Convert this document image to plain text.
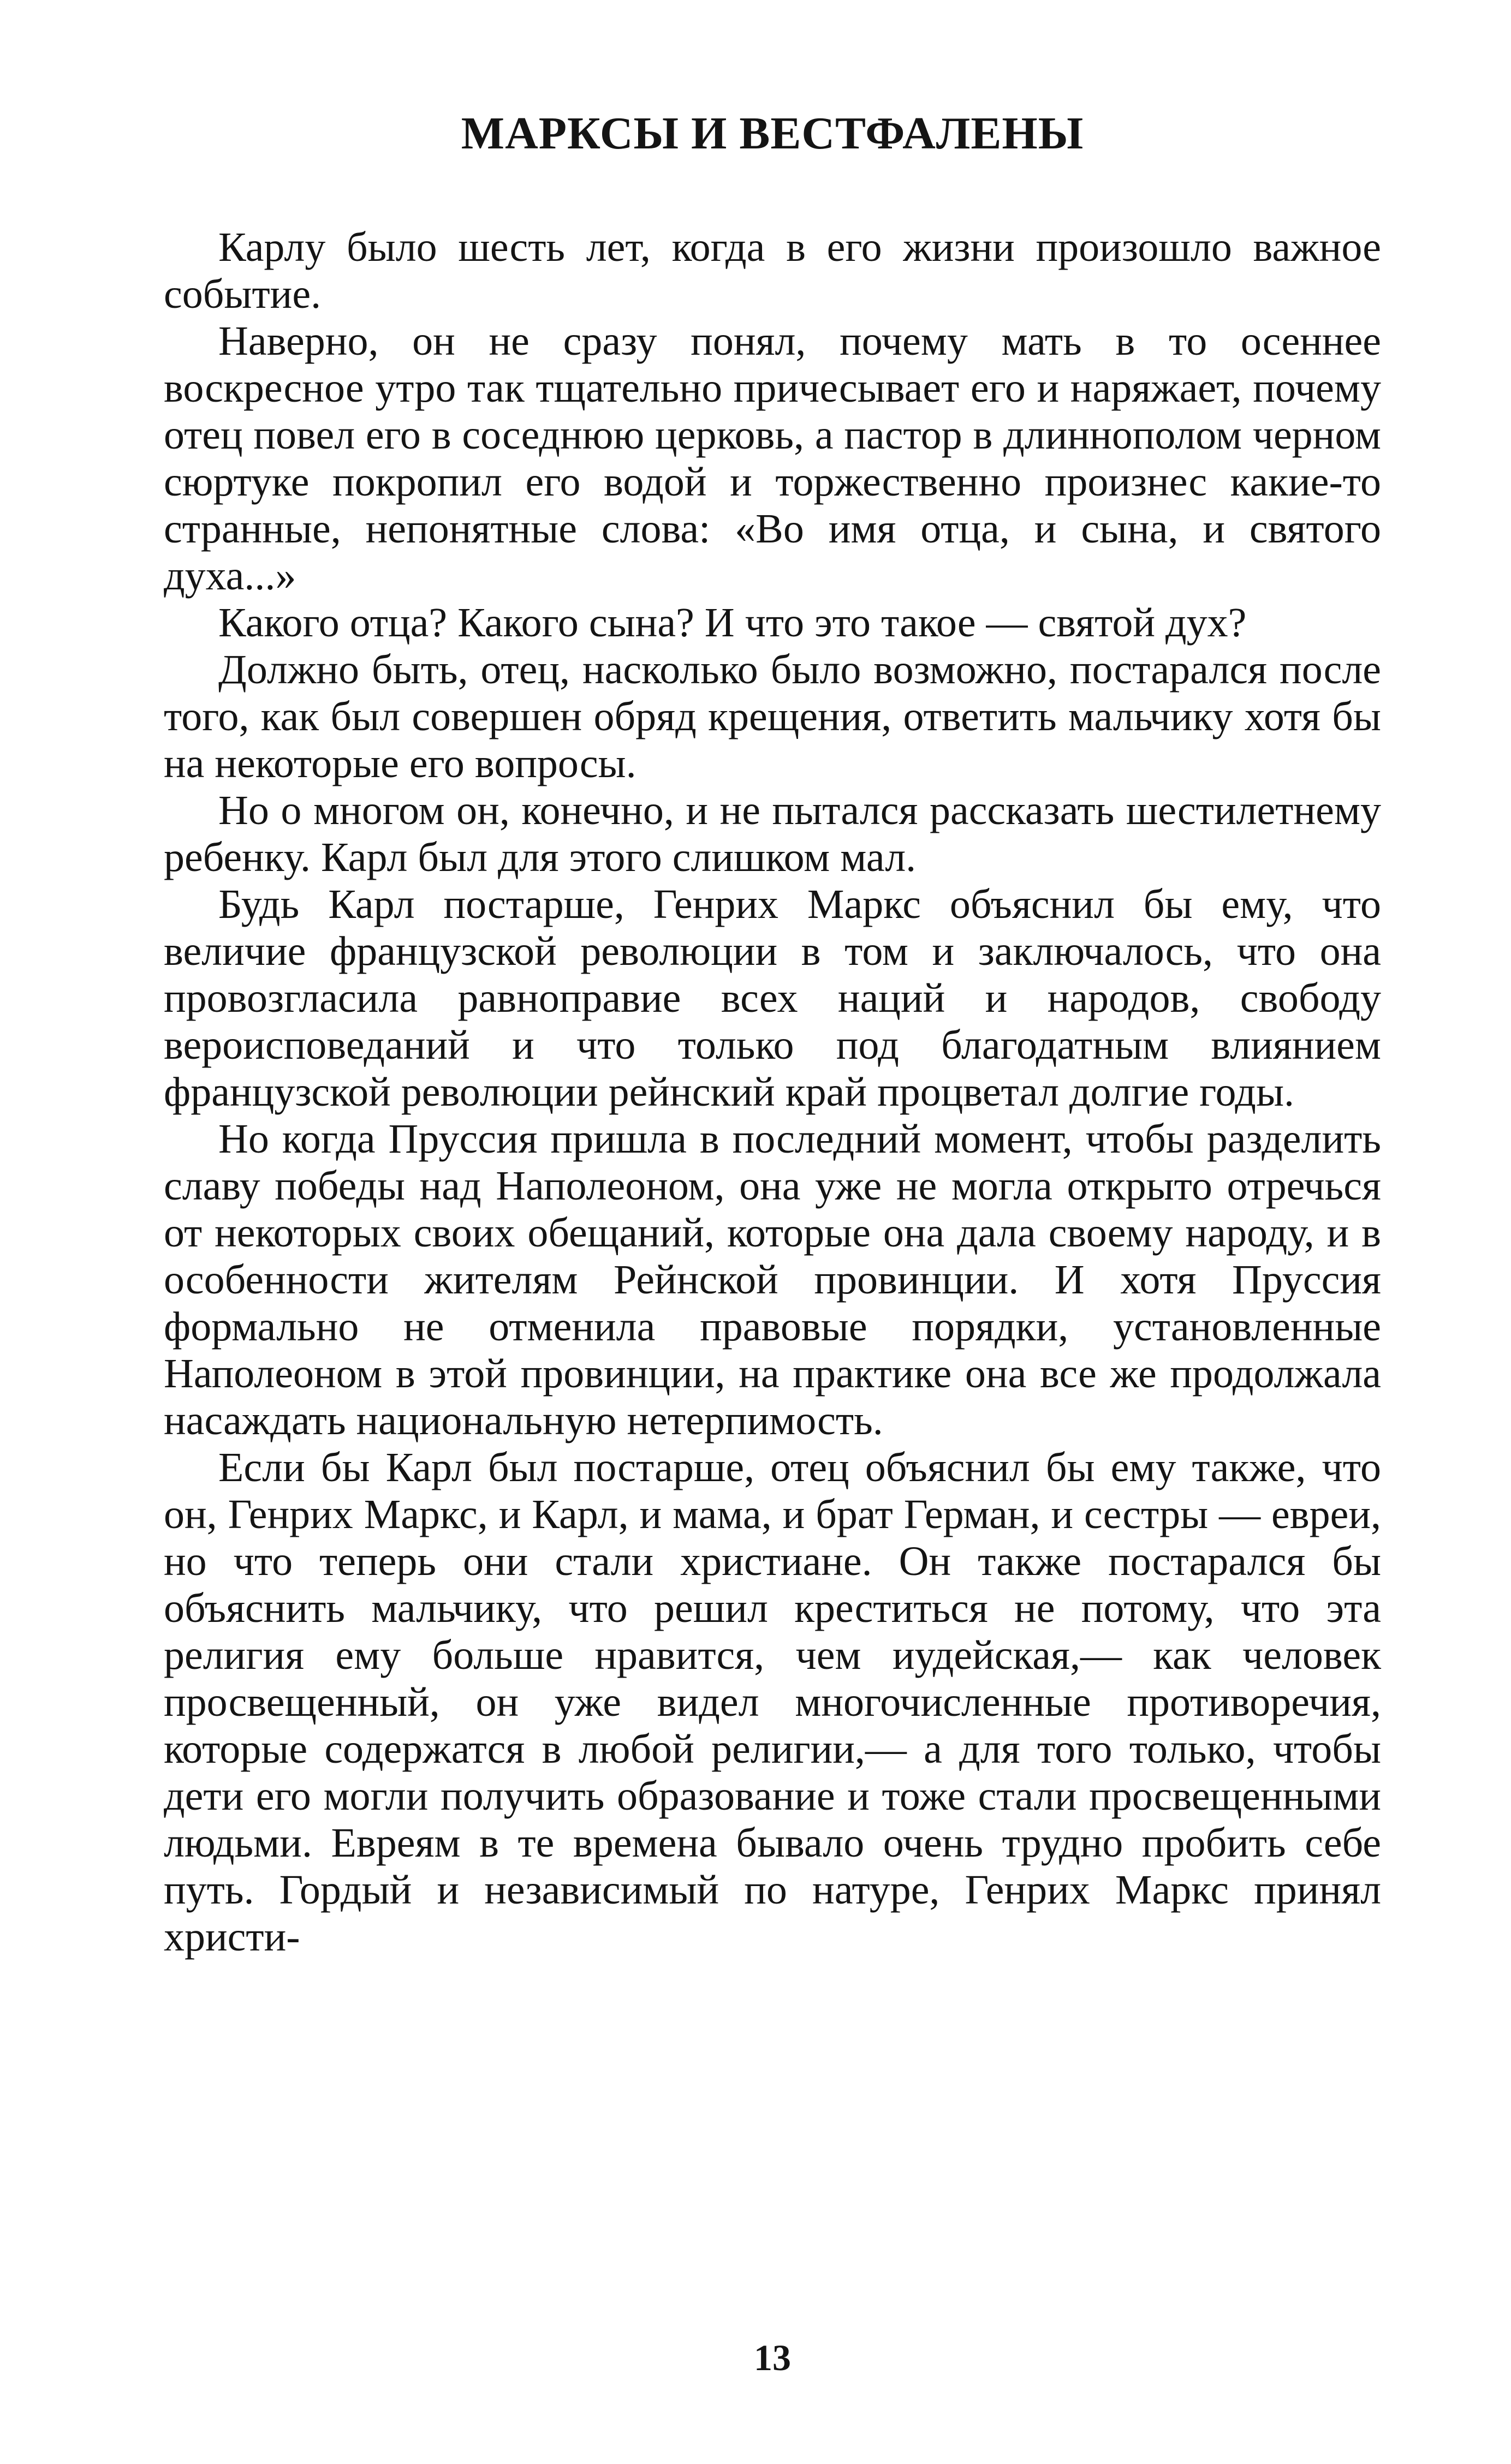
МАРКСЫ И ВЕСТФАЛЕНЫ

Карлу было шесть лет, когда в его жизни произошло важное событие.

Наверно, он не сразу понял, почему мать в то осеннее воскресное утро так тщательно причесывает его и наряжает, почему отец повел его в соседнюю церковь, а пастор в длиннополом черном сюртуке покропил его водой и торжественно произнес какие-то странные, непонятные слова: «Во имя отца, и сына, и святого духа...»

Какого отца? Какого сына? И что это такое — святой дух?

Должно быть, отец, насколько было возможно, постарался после того, как был совершен обряд крещения, ответить мальчику хотя бы на некоторые его вопросы.

Но о многом он, конечно, и не пытался рассказать шестилетнему ребенку. Карл был для этого слишком мал.

Будь Карл постарше, Генрих Маркс объяснил бы ему, что величие французской революции в том и заключалось, что она провозгласила равноправие всех наций и народов, свободу вероисповеданий и что только под благодатным влиянием французской революции рейнский край процветал долгие годы.

Но когда Пруссия пришла в последний момент, чтобы разделить славу победы над Наполеоном, она уже не могла открыто отречься от некоторых своих обещаний, которые она дала своему народу, и в особенности жителям Рейнской провинции. И хотя Пруссия формально не отменила правовые порядки, установленные Наполеоном в этой провинции, на практике она все же продолжала насаждать национальную нетерпимость.

Если бы Карл был постарше, отец объяснил бы ему также, что он, Генрих Маркс, и Карл, и мама, и брат Герман, и сестры — евреи, но что теперь они стали христиане. Он также постарался бы объяснить мальчику, что решил креститься не потому, что эта религия ему больше нравится, чем иудейская,— как человек просвещенный, он уже видел многочисленные противоречия, которые содержатся в любой религии,— а для того только, чтобы дети его могли получить образование и тоже стали просвещенными людьми. Евреям в те времена бывало очень трудно пробить себе путь. Гордый и независимый по натуре, Генрих Маркс принял христи-

13
